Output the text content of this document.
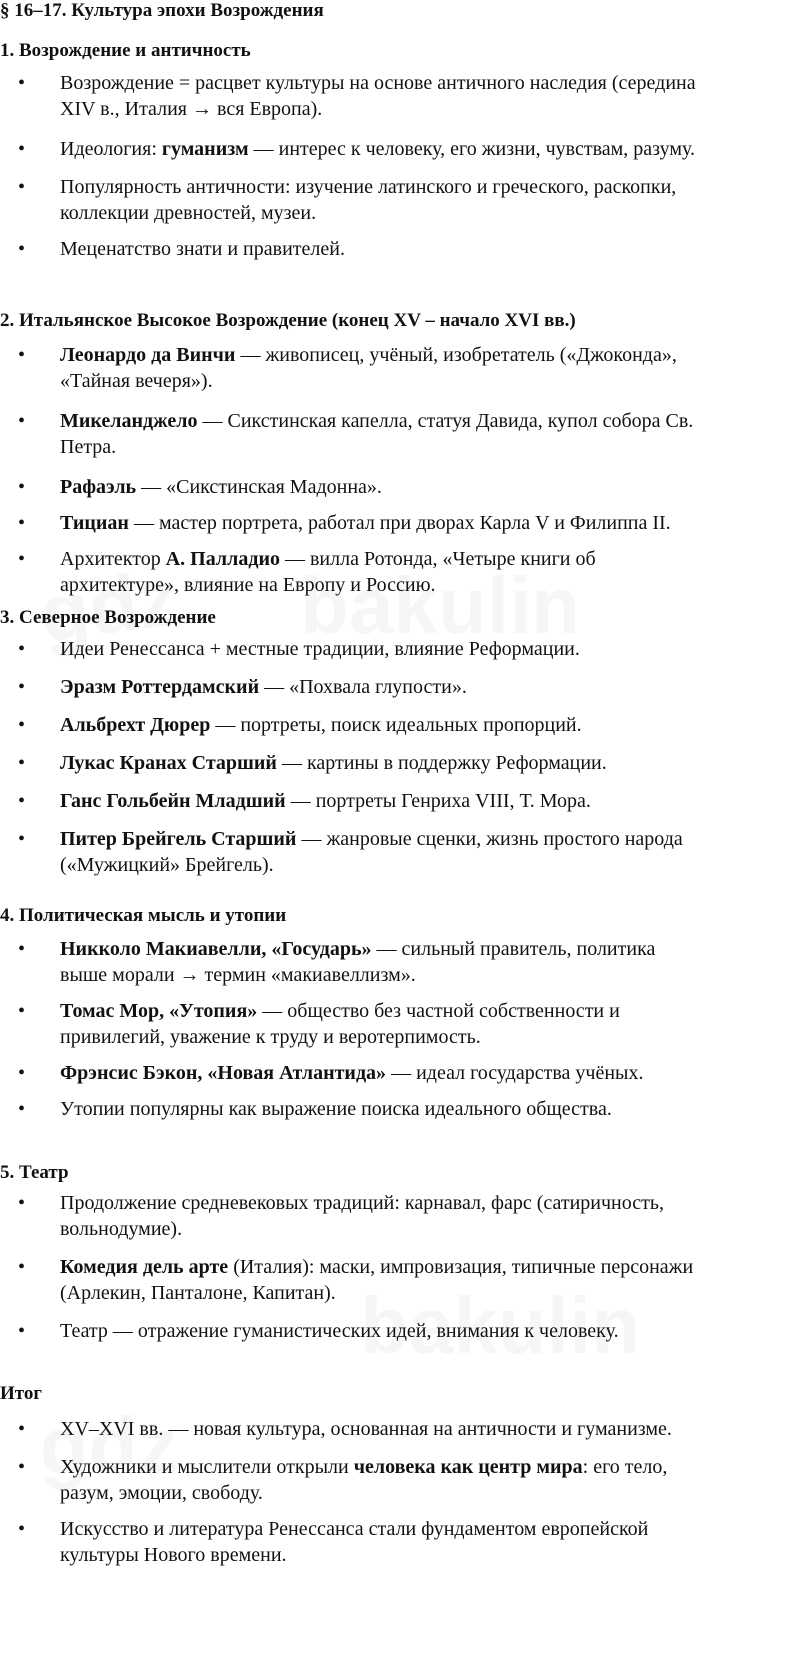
§ 16–17. Культура эпохи Возрождения
1. Возрождение и античность
• Возрождение = расцвет культуры на основе античного наследия (середина
XIV в., Италия → вся Европа).
• Идеология: гуманизм — интерес к человеку, его жизни, чувствам, разуму.
• Популярность античности: изучение латинского и греческого, раскопки,
коллекции древностей, музеи.
• Меценатство знати и правителей.
2. Итальянское Высокое Возрождение (конец XV – начало XVI вв.)
• Леонардо да Винчи — живописец, учёный, изобретатель («Джоконда»,
«Тайная вечеря»).
• Микеланджело — Сикстинская капелла, статуя Давида, купол собора Св.
Петра.
• Рафаэль — «Сикстинская Мадонна».
• Тициан — мастер портрета, работал при дворах Карла V и Филиппа II.
• Архитектор А. Палладио — вилла Ротонда, «Четыре книги об
архитектуре», влияние на Европу и Россию.
3. Северное Возрождение
• Идеи Ренессанса + местные традиции, влияние Реформации.
• Эразм Роттердамский — «Похвала глупости».
• Альбрехт Дюрер — портреты, поиск идеальных пропорций.
• Лукас Кранах Старший — картины в поддержку Реформации.
• Ганс Гольбейн Младший — портреты Генриха VIII, Т. Мора.
• Питер Брейгель Старший — жанровые сценки, жизнь простого народа
(«Мужицкий» Брейгель).
4. Политическая мысль и утопии
• Никколо Макиавелли, «Государь» — сильный правитель, политика
выше морали → термин «макиавеллизм».
• Томас Мор, «Утопия» — общество без частной собственности и
привилегий, уважение к труду и веротерпимость.
• Фрэнсис Бэкон, «Новая Атлантида» — идеал государства учёных.
• Утопии популярны как выражение поиска идеального общества.
5. Театр
• Продолжение средневековых традиций: карнавал, фарс (сатиричность,
вольнодумие).
• Комедия дель арте (Италия): маски, импровизация, типичные персонажи
(Арлекин, Панталоне, Капитан).
• Театр — отражение гуманистических идей, внимания к человеку.
Итог
• XV–XVI вв. — новая культура, основанная на античности и гуманизме.
• Художники и мыслители открыли человека как центр мира: его тело,
разум, эмоции, свободу.
• Искусство и литература Ренессанса стали фундаментом европейской
культуры Нового времени.
